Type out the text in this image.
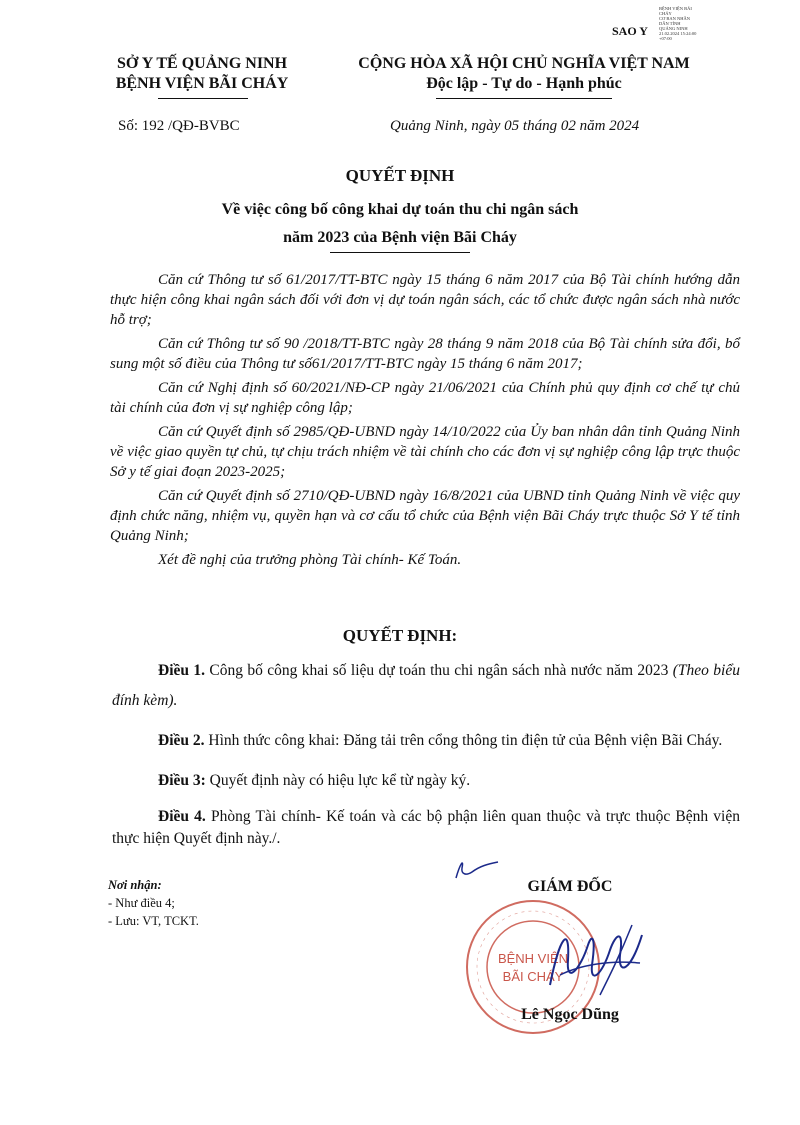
SAO Y
BỆNH VIỆN BÃI
CHÁY
CƠ BAN NHÂN
DÂN TỈNH
QUẢNG NINH
21.02.2024 15:24:00
+07:00
SỞ Y TẾ QUẢNG NINH
BỆNH VIỆN BÃI CHÁY
CỘNG HÒA XÃ HỘI CHỦ NGHĨA VIỆT NAM
Độc lập - Tự do - Hạnh phúc
Số: 192 /QĐ-BVBC	Quảng Ninh, ngày 05 tháng 02 năm 2024
QUYẾT ĐỊNH
Về việc công bố công khai dự toán thu chi ngân sách
năm 2023 của Bệnh viện Bãi Cháy

Căn cứ Thông tư số 61/2017/TT-BTC ngày 15 tháng 6 năm 2017 của Bộ Tài chính hướng dẫn thực hiện công khai ngân sách đối với đơn vị dự toán ngân sách, các tổ chức được ngân sách nhà nước hỗ trợ;

Căn cứ Thông tư số 90 /2018/TT-BTC ngày 28 tháng 9 năm 2018 của Bộ Tài chính sửa đổi, bổ sung một số điều của Thông tư số61/2017/TT-BTC ngày 15 tháng 6 năm 2017;

Căn cứ Nghị định số 60/2021/NĐ-CP ngày 21/06/2021 của Chính phủ quy định cơ chế tự chủ tài chính của đơn vị sự nghiệp công lập;

Căn cứ Quyết định số 2985/QĐ-UBND ngày 14/10/2022 của Ủy ban nhân dân tỉnh Quảng Ninh về việc giao quyền tự chủ, tự chịu trách nhiệm về tài chính cho các đơn vị sự nghiệp công lập trực thuộc Sở y tế giai đoạn 2023-2025;

Căn cứ Quyết định số 2710/QĐ-UBND ngày 16/8/2021 của UBND tỉnh Quảng Ninh về việc quy định chức năng, nhiệm vụ, quyền hạn và cơ cấu tổ chức của Bệnh viện Bãi Cháy trực thuộc Sở Y tế tỉnh Quảng Ninh;

Xét đề nghị của trưởng phòng Tài chính- Kế Toán.

QUYẾT ĐỊNH:

Điều 1. Công bố công khai số liệu dự toán thu chi ngân sách nhà nước năm 2023 (Theo biểu đính kèm).

Điều 2. Hình thức công khai: Đăng tải trên cổng thông tin điện tử của Bệnh viện Bãi Cháy.

Điều 3: Quyết định này có hiệu lực kể từ ngày ký.

Điều 4. Phòng Tài chính- Kế toán và các bộ phận liên quan thuộc và trực thuộc Bệnh viện thực hiện Quyết định này./.

Nơi nhận:
- Như điều 4;
- Lưu: VT, TCKT.
GIÁM ĐỐC
BỆNH VIỆN
BÃI CHÁY
Lê Ngọc Dũng
